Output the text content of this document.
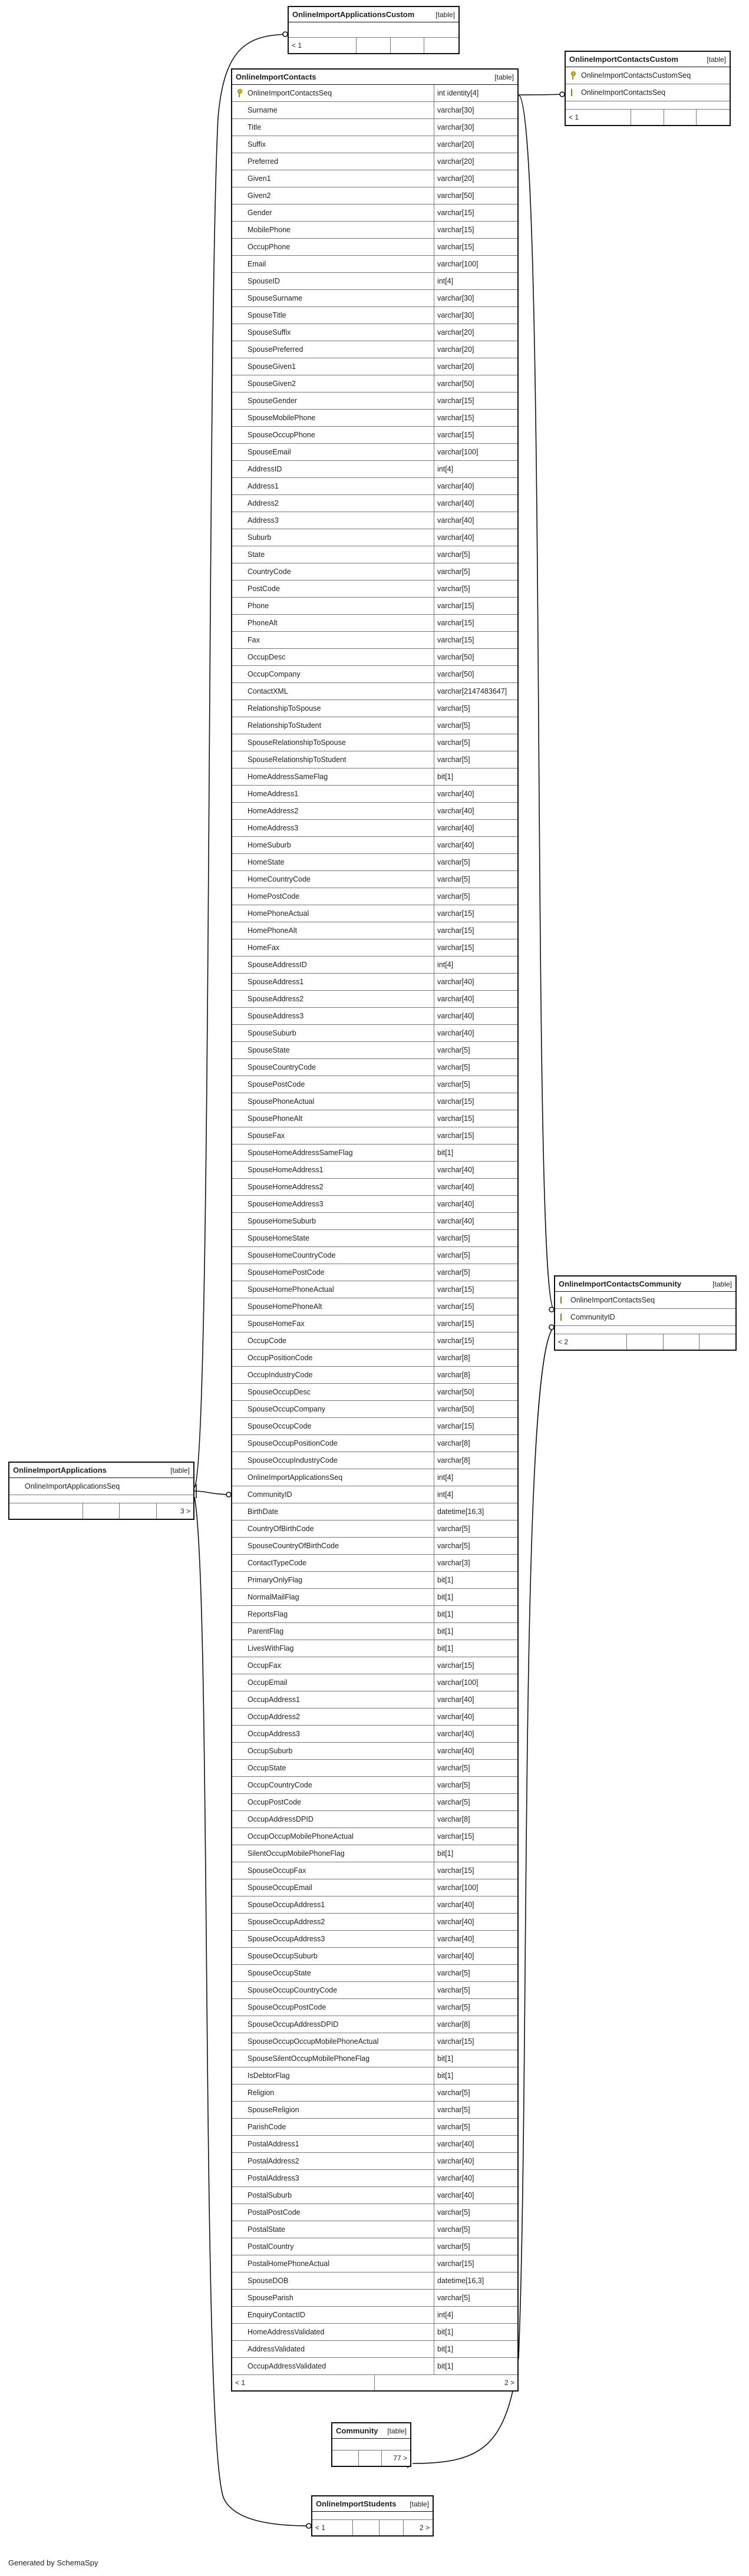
OnlineImportApplicationsCustom	[table]
< 1
OnlineImportContactsCustom	[table]
OnlineImportContactsCustomSeq
OnlineImportContactsSeq
< 1
OnlineImportContacts	[table]
OnlineImportContactsSeq	int identity[4]
Surname	varchar[30]
Title	varchar[30]
Suffix	varchar[20]
Preferred	varchar[20]
Given1	varchar[20]
Given2	varchar[50]
Gender	varchar[15]
MobilePhone	varchar[15]
OccupPhone	varchar[15]
Email	varchar[100]
SpouseID	int[4]
SpouseSurname	varchar[30]
SpouseTitle	varchar[30]
SpouseSuffix	varchar[20]
SpousePreferred	varchar[20]
SpouseGiven1	varchar[20]
SpouseGiven2	varchar[50]
SpouseGender	varchar[15]
SpouseMobilePhone	varchar[15]
SpouseOccupPhone	varchar[15]
SpouseEmail	varchar[100]
AddressID	int[4]
Address1	varchar[40]
Address2	varchar[40]
Address3	varchar[40]
Suburb	varchar[40]
State	varchar[5]
CountryCode	varchar[5]
PostCode	varchar[5]
Phone	varchar[15]
PhoneAlt	varchar[15]
Fax	varchar[15]
OccupDesc	varchar[50]
OccupCompany	varchar[50]
ContactXML	varchar[2147483647]
RelationshipToSpouse	varchar[5]
RelationshipToStudent	varchar[5]
SpouseRelationshipToSpouse	varchar[5]
SpouseRelationshipToStudent	varchar[5]
HomeAddressSameFlag	bit[1]
HomeAddress1	varchar[40]
HomeAddress2	varchar[40]
HomeAddress3	varchar[40]
HomeSuburb	varchar[40]
HomeState	varchar[5]
HomeCountryCode	varchar[5]
HomePostCode	varchar[5]
HomePhoneActual	varchar[15]
HomePhoneAlt	varchar[15]
HomeFax	varchar[15]
SpouseAddressID	int[4]
SpouseAddress1	varchar[40]
SpouseAddress2	varchar[40]
SpouseAddress3	varchar[40]
SpouseSuburb	varchar[40]
SpouseState	varchar[5]
SpouseCountryCode	varchar[5]
SpousePostCode	varchar[5]
SpousePhoneActual	varchar[15]
SpousePhoneAlt	varchar[15]
SpouseFax	varchar[15]
SpouseHomeAddressSameFlag	bit[1]
SpouseHomeAddress1	varchar[40]
SpouseHomeAddress2	varchar[40]
SpouseHomeAddress3	varchar[40]
SpouseHomeSuburb	varchar[40]
SpouseHomeState	varchar[5]
SpouseHomeCountryCode	varchar[5]
SpouseHomePostCode	varchar[5]
SpouseHomePhoneActual	varchar[15]
SpouseHomePhoneAlt	varchar[15]
SpouseHomeFax	varchar[15]
OccupCode	varchar[15]
OccupPositionCode	varchar[8]
OccupIndustryCode	varchar[8]
SpouseOccupDesc	varchar[50]
SpouseOccupCompany	varchar[50]
SpouseOccupCode	varchar[15]
SpouseOccupPositionCode	varchar[8]
SpouseOccupIndustryCode	varchar[8]
OnlineImportApplicationsSeq	int[4]
CommunityID	int[4]
BirthDate	datetime[16,3]
CountryOfBirthCode	varchar[5]
SpouseCountryOfBirthCode	varchar[5]
ContactTypeCode	varchar[3]
PrimaryOnlyFlag	bit[1]
NormalMailFlag	bit[1]
ReportsFlag	bit[1]
ParentFlag	bit[1]
LivesWithFlag	bit[1]
OccupFax	varchar[15]
OccupEmail	varchar[100]
OccupAddress1	varchar[40]
OccupAddress2	varchar[40]
OccupAddress3	varchar[40]
OccupSuburb	varchar[40]
OccupState	varchar[5]
OccupCountryCode	varchar[5]
OccupPostCode	varchar[5]
OccupAddressDPID	varchar[8]
OccupOccupMobilePhoneActual	varchar[15]
SilentOccupMobilePhoneFlag	bit[1]
SpouseOccupFax	varchar[15]
SpouseOccupEmail	varchar[100]
SpouseOccupAddress1	varchar[40]
SpouseOccupAddress2	varchar[40]
SpouseOccupAddress3	varchar[40]
SpouseOccupSuburb	varchar[40]
SpouseOccupState	varchar[5]
SpouseOccupCountryCode	varchar[5]
SpouseOccupPostCode	varchar[5]
SpouseOccupAddressDPID	varchar[8]
SpouseOccupOccupMobilePhoneActual	varchar[15]
SpouseSilentOccupMobilePhoneFlag	bit[1]
IsDebtorFlag	bit[1]
Religion	varchar[5]
SpouseReligion	varchar[5]
ParishCode	varchar[5]
PostalAddress1	varchar[40]
PostalAddress2	varchar[40]
PostalAddress3	varchar[40]
PostalSuburb	varchar[40]
PostalPostCode	varchar[5]
PostalState	varchar[5]
PostalCountry	varchar[5]
PostalHomePhoneActual	varchar[15]
SpouseDOB	datetime[16,3]
SpouseParish	varchar[5]
EnquiryContactID	int[4]
HomeAddressValidated	bit[1]
AddressValidated	bit[1]
OccupAddressValidated	bit[1]
< 1	2 >
OnlineImportContactsCommunity	[table]
OnlineImportContactsSeq
CommunityID
< 2
OnlineImportApplications	[table]
OnlineImportApplicationsSeq
3 >
Community [table]
77 >
OnlineImportStudents [table]
< 1	2 >
Generated by SchemaSpy
